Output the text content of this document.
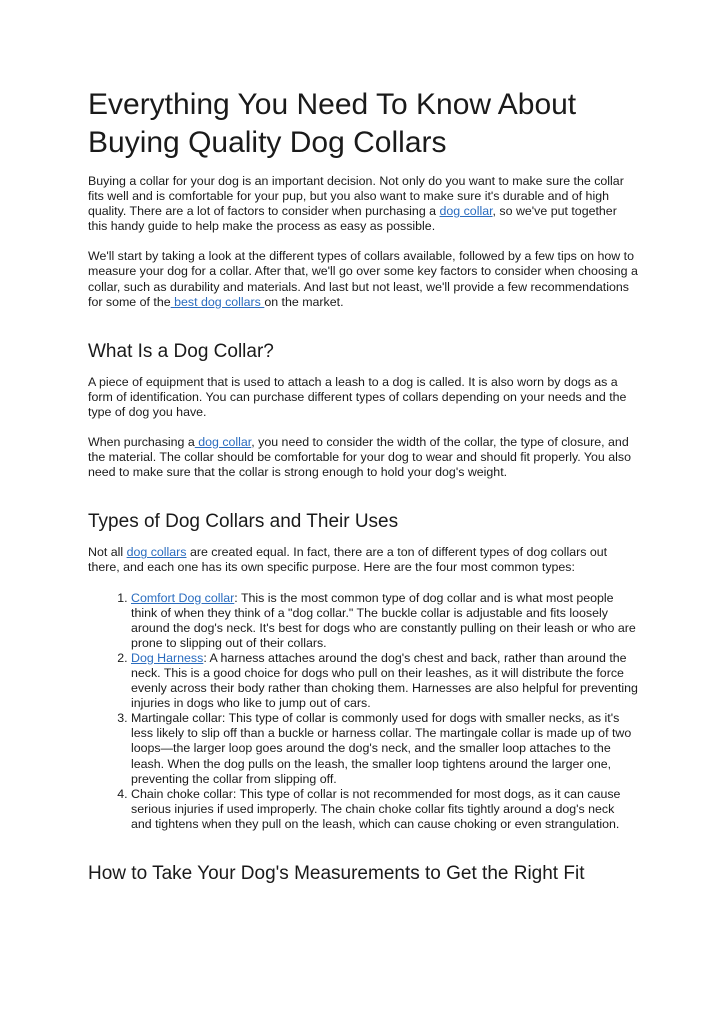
Everything You Need To Know About
Buying Quality Dog Collars

Buying a collar for your dog is an important decision. Not only do you want to make sure the collar fits well and is comfortable for your pup, but you also want to make sure it's durable and of high quality. There are a lot of factors to consider when purchasing a dog collar, so we've put together this handy guide to help make the process as easy as possible.

We'll start by taking a look at the different types of collars available, followed by a few tips on how to measure your dog for a collar. After that, we'll go over some key factors to consider when choosing a collar, such as durability and materials. And last but not least, we'll provide a few recommendations for some of the best dog collars on the market.

What Is a Dog Collar?

A piece of equipment that is used to attach a leash to a dog is called. It is also worn by dogs as a form of identification. You can purchase different types of collars depending on your needs and the type of dog you have.

When purchasing a dog collar, you need to consider the width of the collar, the type of closure, and the material. The collar should be comfortable for your dog to wear and should fit properly. You also need to make sure that the collar is strong enough to hold your dog's weight.

Types of Dog Collars and Their Uses

Not all dog collars are created equal. In fact, there are a ton of different types of dog collars out there, and each one has its own specific purpose. Here are the four most common types:

1. Comfort Dog collar: This is the most common type of dog collar and is what most people think of when they think of a "dog collar." The buckle collar is adjustable and fits loosely around the dog's neck. It's best for dogs who are constantly pulling on their leash or who are prone to slipping out of their collars.
2. Dog Harness: A harness attaches around the dog's chest and back, rather than around the neck. This is a good choice for dogs who pull on their leashes, as it will distribute the force evenly across their body rather than choking them. Harnesses are also helpful for preventing injuries in dogs who like to jump out of cars.
3. Martingale collar: This type of collar is commonly used for dogs with smaller necks, as it's less likely to slip off than a buckle or harness collar. The martingale collar is made up of two loops—the larger loop goes around the dog's neck, and the smaller loop attaches to the leash. When the dog pulls on the leash, the smaller loop tightens around the larger one, preventing the collar from slipping off.
4. Chain choke collar: This type of collar is not recommended for most dogs, as it can cause serious injuries if used improperly. The chain choke collar fits tightly around a dog's neck and tightens when they pull on the leash, which can cause choking or even strangulation.
How to Take Your Dog's Measurements to Get the Right Fit
